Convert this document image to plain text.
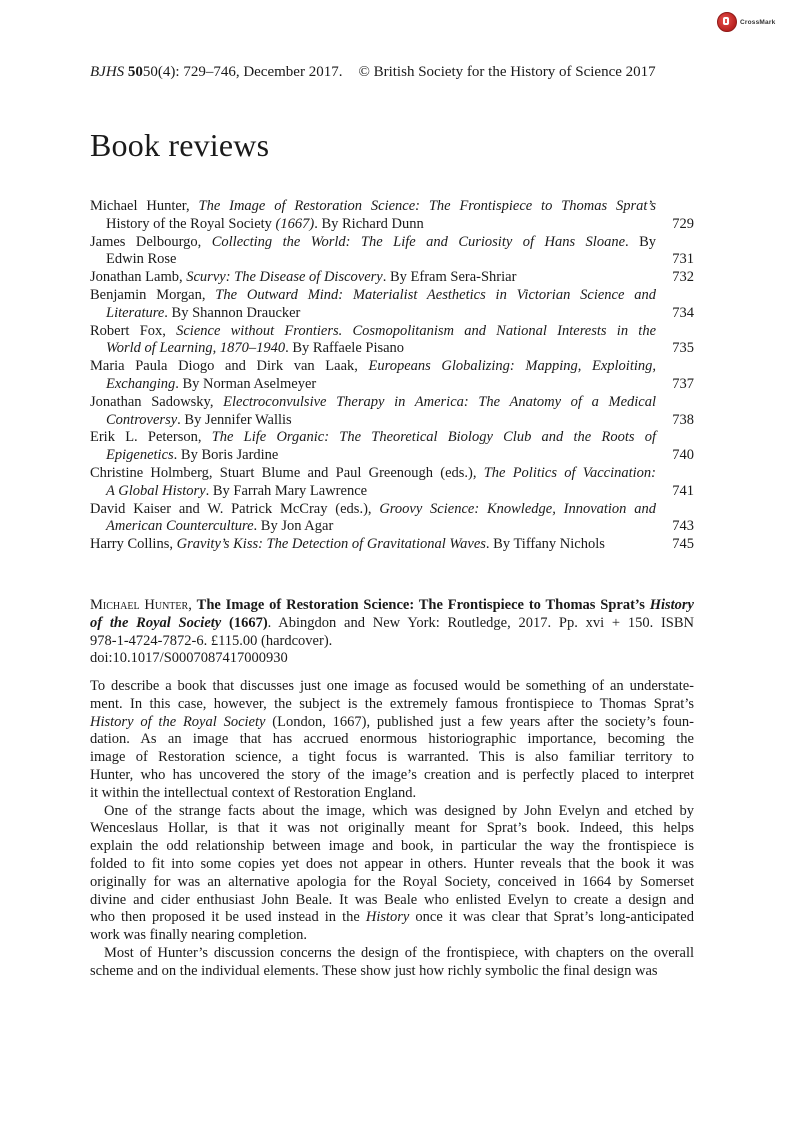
CrossMark
BJHS 5050(4): 729–746, December 2017. © British Society for the History of Science 2017
Book reviews
Michael Hunter, The Image of Restoration Science: The Frontispiece to Thomas Sprat’s
History of the Royal Society (1667). By Richard Dunn	729
James Delbourgo, Collecting the World: The Life and Curiosity of Hans Sloane. By
Edwin Rose	731
Jonathan Lamb, Scurvy: The Disease of Discovery. By Efram Sera-Shriar	732
Benjamin Morgan, The Outward Mind: Materialist Aesthetics in Victorian Science and
Literature. By Shannon Draucker	734
Robert Fox, Science without Frontiers. Cosmopolitanism and National Interests in the
World of Learning, 1870–1940. By Raffaele Pisano	735
Maria Paula Diogo and Dirk van Laak, Europeans Globalizing: Mapping, Exploiting,
Exchanging. By Norman Aselmeyer	737
Jonathan Sadowsky, Electroconvulsive Therapy in America: The Anatomy of a Medical
Controversy. By Jennifer Wallis	738
Erik L. Peterson, The Life Organic: The Theoretical Biology Club and the Roots of
Epigenetics. By Boris Jardine	740
Christine Holmberg, Stuart Blume and Paul Greenough (eds.), The Politics of Vaccination:
A Global History. By Farrah Mary Lawrence	741
David Kaiser and W. Patrick McCray (eds.), Groovy Science: Knowledge, Innovation and
American Counterculture. By Jon Agar	743
Harry Collins, Gravity’s Kiss: The Detection of Gravitational Waves. By Tiffany Nichols	745
Michael Hunter, The Image of Restoration Science: The Frontispiece to Thomas Sprat’s History
of the Royal Society (1667). Abingdon and New York: Routledge, 2017. Pp. xvi + 150. ISBN
978-1-4724-7872-6. £115.00 (hardcover).
doi:10.1017/S0007087417000930
To describe a book that discusses just one image as focused would be something of an understate-
ment. In this case, however, the subject is the extremely famous frontispiece to Thomas Sprat’s
History of the Royal Society (London, 1667), published just a few years after the society’s foun-
dation. As an image that has accrued enormous historiographic importance, becoming the
image of Restoration science, a tight focus is warranted. This is also familiar territory to
Hunter, who has uncovered the story of the image’s creation and is perfectly placed to interpret
it within the intellectual context of Restoration England.
One of the strange facts about the image, which was designed by John Evelyn and etched by
Wenceslaus Hollar, is that it was not originally meant for Sprat’s book. Indeed, this helps
explain the odd relationship between image and book, in particular the way the frontispiece is
folded to fit into some copies yet does not appear in others. Hunter reveals that the book it was
originally for was an alternative apologia for the Royal Society, conceived in 1664 by Somerset
divine and cider enthusiast John Beale. It was Beale who enlisted Evelyn to create a design and
who then proposed it be used instead in the History once it was clear that Sprat’s long-anticipated
work was finally nearing completion.
Most of Hunter’s discussion concerns the design of the frontispiece, with chapters on the overall
scheme and on the individual elements. These show just how richly symbolic the final design was
